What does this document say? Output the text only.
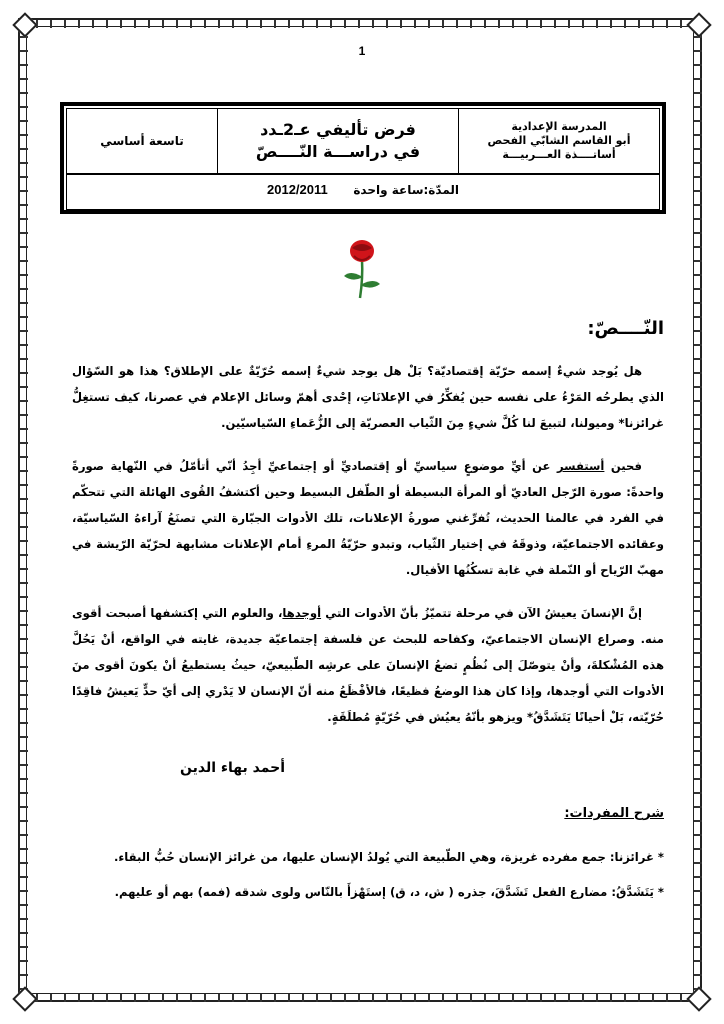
1
المدرسة الإعدادية
أبو القاسم الشابّي الفحص
أساتــــذة العـــربيـــة
فرض تأليفي عـ2ـدد
في دراســـة النّــــصّ
تاسعة أساسي
المدّة:ساعة واحدة
2012/2011
النّــــصّ:

هل يُوجد شيءٌ إسمه حرّيّة إقتصاديّة؟ بَلْ هل يوجد شيءٌ إسمه حُرّيّةٌ على الإطلاق؟ هذا هو السّؤال الذي يطرحُه المَرْءُ على نفسه حين يُفكِّرُ في الإعلانَاتِ، إحْدى أهمّ وسائل الإعلام في عصرنا، كيف تستغِلُّ غرائزنا* وميولنا، لتبيعَ لنا كُلَّ شيءٍ مِنَ الثّياب العصريّة إلى الزُّعَماءِ السّياسيّين.

فحين أستفسر عن أيِّ موضوعٍ سياسيِّ أو إقتصاديِّ أو إجتماعيِّ أجِدُ أنّي أتأمّلُ في النّهاية صورةً واحدةً: صورة الرّجل العاديّ أو المرأة البسيطة أو الطّفل البسيط وحين أكتشفُ القُوى الهائلة التي تتحكّم في الفرد في عالمنا الحديث، تُفرِّغني صورةُ الإعلانات، تلك الأدوات الجبّارة التي تصنَعُ آراءهُ السّياسيّة، وعقائده الاجتماعيّة، وذوقَهُ في إختيار الثّياب، وتبدو حرّيّةُ المرءِ أمام الإعلانات مشابهة لحرّيّة الرّيشة في مهبّ الرّياح أو النّملة في غابة تسكُنُها الأفيال.

إنَّ الإنسانَ يعيشُ الآن في مرحلة تتميّزُ بأنّ الأدوات التي أوجدها، والعلوم التي إكتشفها أصبحت أقوى منه. وصراع الإنسان الاجتماعيّ، وكفاحه للبحث عن فلسفة إجتماعيّة جديدة، غايته في الواقع، أنْ يَحُلَّ هذه المُشْكلةَ، وأنْ يتوصّلَ إلى نُظُمٍ تضعُ الإنسانَ على عرشِه الطّبيعيّ، حيثُ يستطيعُ أنْ يكونَ أقوى منَ الأدوات التي أوجدها، وإذا كان هذا الوضعُ فظيعًا، فالأفْظَعُ منه أنّ الإنسان لا يَدْري إلى أيّ حدٍّ يَعيشُ فاقِدًا حُرّيّته، بَلْ أحيانًا يَتَشَدَّقُ* ويزهو بأنّهُ يعيُش في حُرّيّةٍ مُطلَقَةٍ.

أحمد بهاء الدين
شرح المفردات:
* غرائزنا: جمع مفرده غريزة، وهي الطّبيعة التي يُولدُ الإنسان عليها، من غرائز الإنسان حُبُّ البقاء.
* يَتَشَدَّقُ: مضارع الفعل تَشَدَّقَ، جذره ( ش، د، ق) إستَهْزأَ بالنّاس ولوى شدقه (فمه) بهم أو عليهم.
